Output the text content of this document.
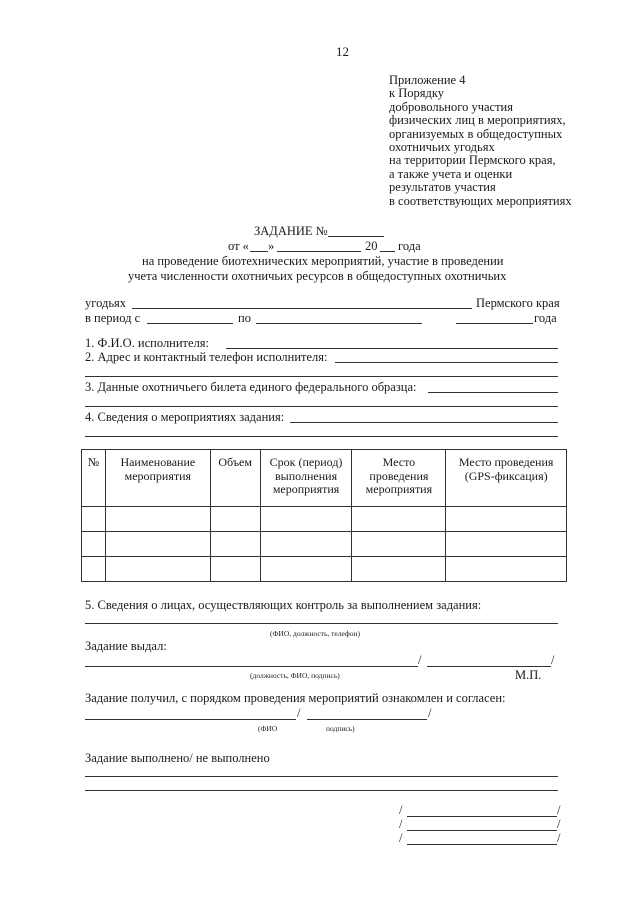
12
Приложение 4
к Порядку
добровольного участия
физических лиц в мероприятиях,
организуемых в общедоступных
охотничьих угодьях
на территории Пермского края,
а также учета и оценки
результатов участия
в соответствующих мероприятиях
ЗАДАНИЕ №
от « »	20 года
на проведение биотехнических мероприятий, участие в проведении
учета численности охотничьих ресурсов в общедоступных охотничьих
угодьях	Пермского края
в период с	по	года
1. Ф.И.О. исполнителя:
2. Адрес и контактный телефон исполнителя:
3. Данные охотничьего билета единого федерального образца:
4. Сведения о мероприятиях задания:
№	Наименование мероприятия	Объем	Срок (период) выполнения мероприятия	Место проведения мероприятия	Место проведения (GPS-фиксация)

5. Сведения о лицах, осуществляющих контроль за выполнением задания:
(ФИО, должность, телефон)
Задание выдал:
/	/
(должность, ФИО, подпись)	М.П.
Задание получил, с порядком проведения мероприятий ознакомлен и согласен:
/	/
(ФИО	подпись)
Задание выполнено/ не выполнено
/	/
/	/
/	/
